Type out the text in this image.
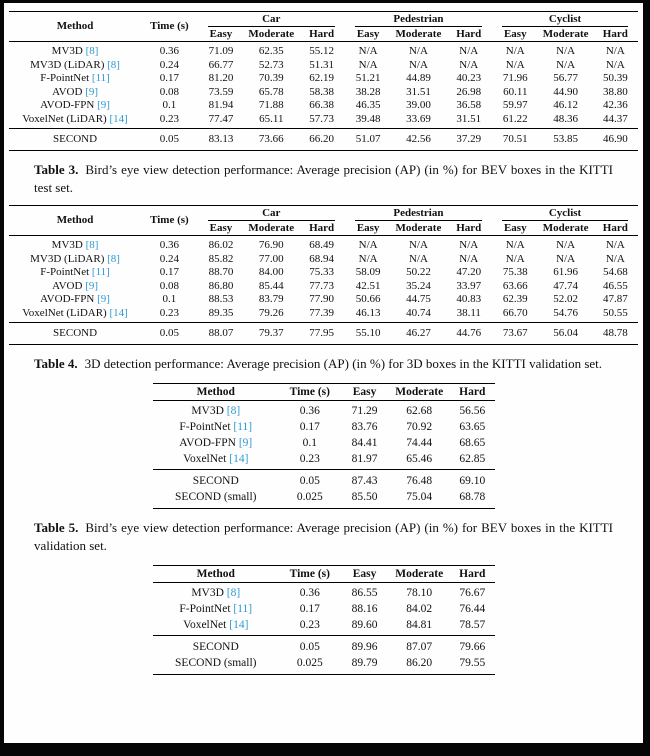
Method	Time (s)	Car			Pedestrian			Cyclist		

		Easy	Moderate	Hard	Easy	Moderate	Hard	Easy	Moderate	Hard
MV3D [8]	0.36	71.09	62.35	55.12	N/A	N/A	N/A	N/A	N/A	N/A
MV3D (LiDAR) [8]	0.24	66.77	52.73	51.31	N/A	N/A	N/A	N/A	N/A	N/A
F-PointNet [11]	0.17	81.20	70.39	62.19	51.21	44.89	40.23	71.96	56.77	50.39
AVOD [9]	0.08	73.59	65.78	58.38	38.28	31.51	26.98	60.11	44.90	38.80
AVOD-FPN [9]	0.1	81.94	71.88	66.38	46.35	39.00	36.58	59.97	46.12	42.36
VoxelNet (LiDAR) [14]	0.23	77.47	65.11	57.73	39.48	33.69	31.51	61.22	48.36	44.37
SECOND	0.05	83.13	73.66	66.20	51.07	42.56	37.29	70.51	53.85	46.90

Table 3. Bird’s eye view detection performance: Average precision (AP) (in %) for BEV boxes in the KITTI test set.

Method	Time (s)	Car			Pedestrian			Cyclist		

		Easy	Moderate	Hard	Easy	Moderate	Hard	Easy	Moderate	Hard
MV3D [8]	0.36	86.02	76.90	68.49	N/A	N/A	N/A	N/A	N/A	N/A
MV3D (LiDAR) [8]	0.24	85.82	77.00	68.94	N/A	N/A	N/A	N/A	N/A	N/A
F-PointNet [11]	0.17	88.70	84.00	75.33	58.09	50.22	47.20	75.38	61.96	54.68
AVOD [9]	0.08	86.80	85.44	77.73	42.51	35.24	33.97	63.66	47.74	46.55
AVOD-FPN [9]	0.1	88.53	83.79	77.90	50.66	44.75	40.83	62.39	52.02	47.87
VoxelNet (LiDAR) [14]	0.23	89.35	79.26	77.39	46.13	40.74	38.11	66.70	54.76	50.55
SECOND	0.05	88.07	79.37	77.95	55.10	46.27	44.76	73.67	56.04	48.78

Table 4. 3D detection performance: Average precision (AP) (in %) for 3D boxes in the KITTI validation set.

Method	Time (s)	Easy	Moderate	Hard
MV3D [8]	0.36	71.29	62.68	56.56
F-PointNet [11]	0.17	83.76	70.92	63.65
AVOD-FPN [9]	0.1	84.41	74.44	68.65
VoxelNet [14]	0.23	81.97	65.46	62.85
SECOND	0.05	87.43	76.48	69.10
SECOND (small)	0.025	85.50	75.04	68.78

Table 5. Bird’s eye view detection performance: Average precision (AP) (in %) for BEV boxes in the KITTI validation set.

Method	Time (s)	Easy	Moderate	Hard
MV3D [8]	0.36	86.55	78.10	76.67
F-PointNet [11]	0.17	88.16	84.02	76.44
VoxelNet [14]	0.23	89.60	84.81	78.57
SECOND	0.05	89.96	87.07	79.66
SECOND (small)	0.025	89.79	86.20	79.55
